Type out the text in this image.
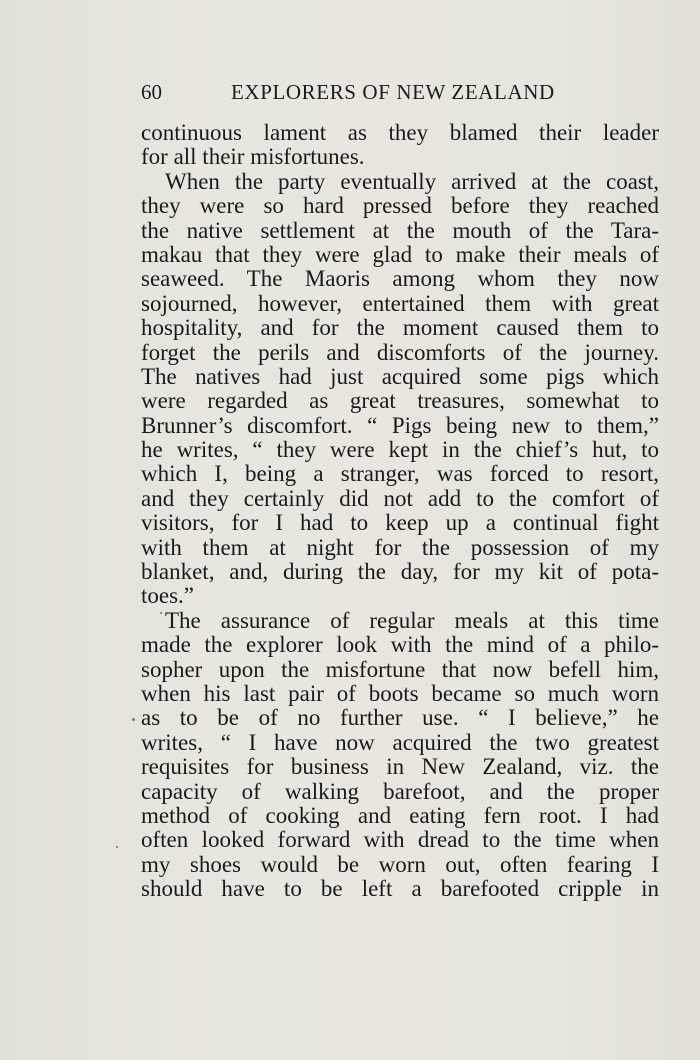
60	EXPLORERS OF NEW ZEALAND
continuous lament as they blamed their leader
for all their misfortunes.
When the party eventually arrived at the coast,
they were so hard pressed before they reached
the native settlement at the mouth of the Tara-
makau that they were glad to make their meals of
seaweed. The Maoris among whom they now
sojourned, however, entertained them with great
hospitality, and for the moment caused them to
forget the perils and discomforts of the journey.
The natives had just acquired some pigs which
were regarded as great treasures, somewhat to
Brunner’s discomfort. “ Pigs being new to them,”
he writes, “ they were kept in the chief’s hut, to
which I, being a stranger, was forced to resort,
and they certainly did not add to the comfort of
visitors, for I had to keep up a continual fight
with them at night for the possession of my
blanket, and, during the day, for my kit of pota-
toes.”
The assurance of regular meals at this time
made the explorer look with the mind of a philo-
sopher upon the misfortune that now befell him,
when his last pair of boots became so much worn
as to be of no further use. “ I believe,” he
writes, “ I have now acquired the two greatest
requisites for business in New Zealand, viz. the
capacity of walking barefoot, and the proper
method of cooking and eating fern root. I had
often looked forward with dread to the time when
my shoes would be worn out, often fearing I
should have to be left a barefooted cripple in
